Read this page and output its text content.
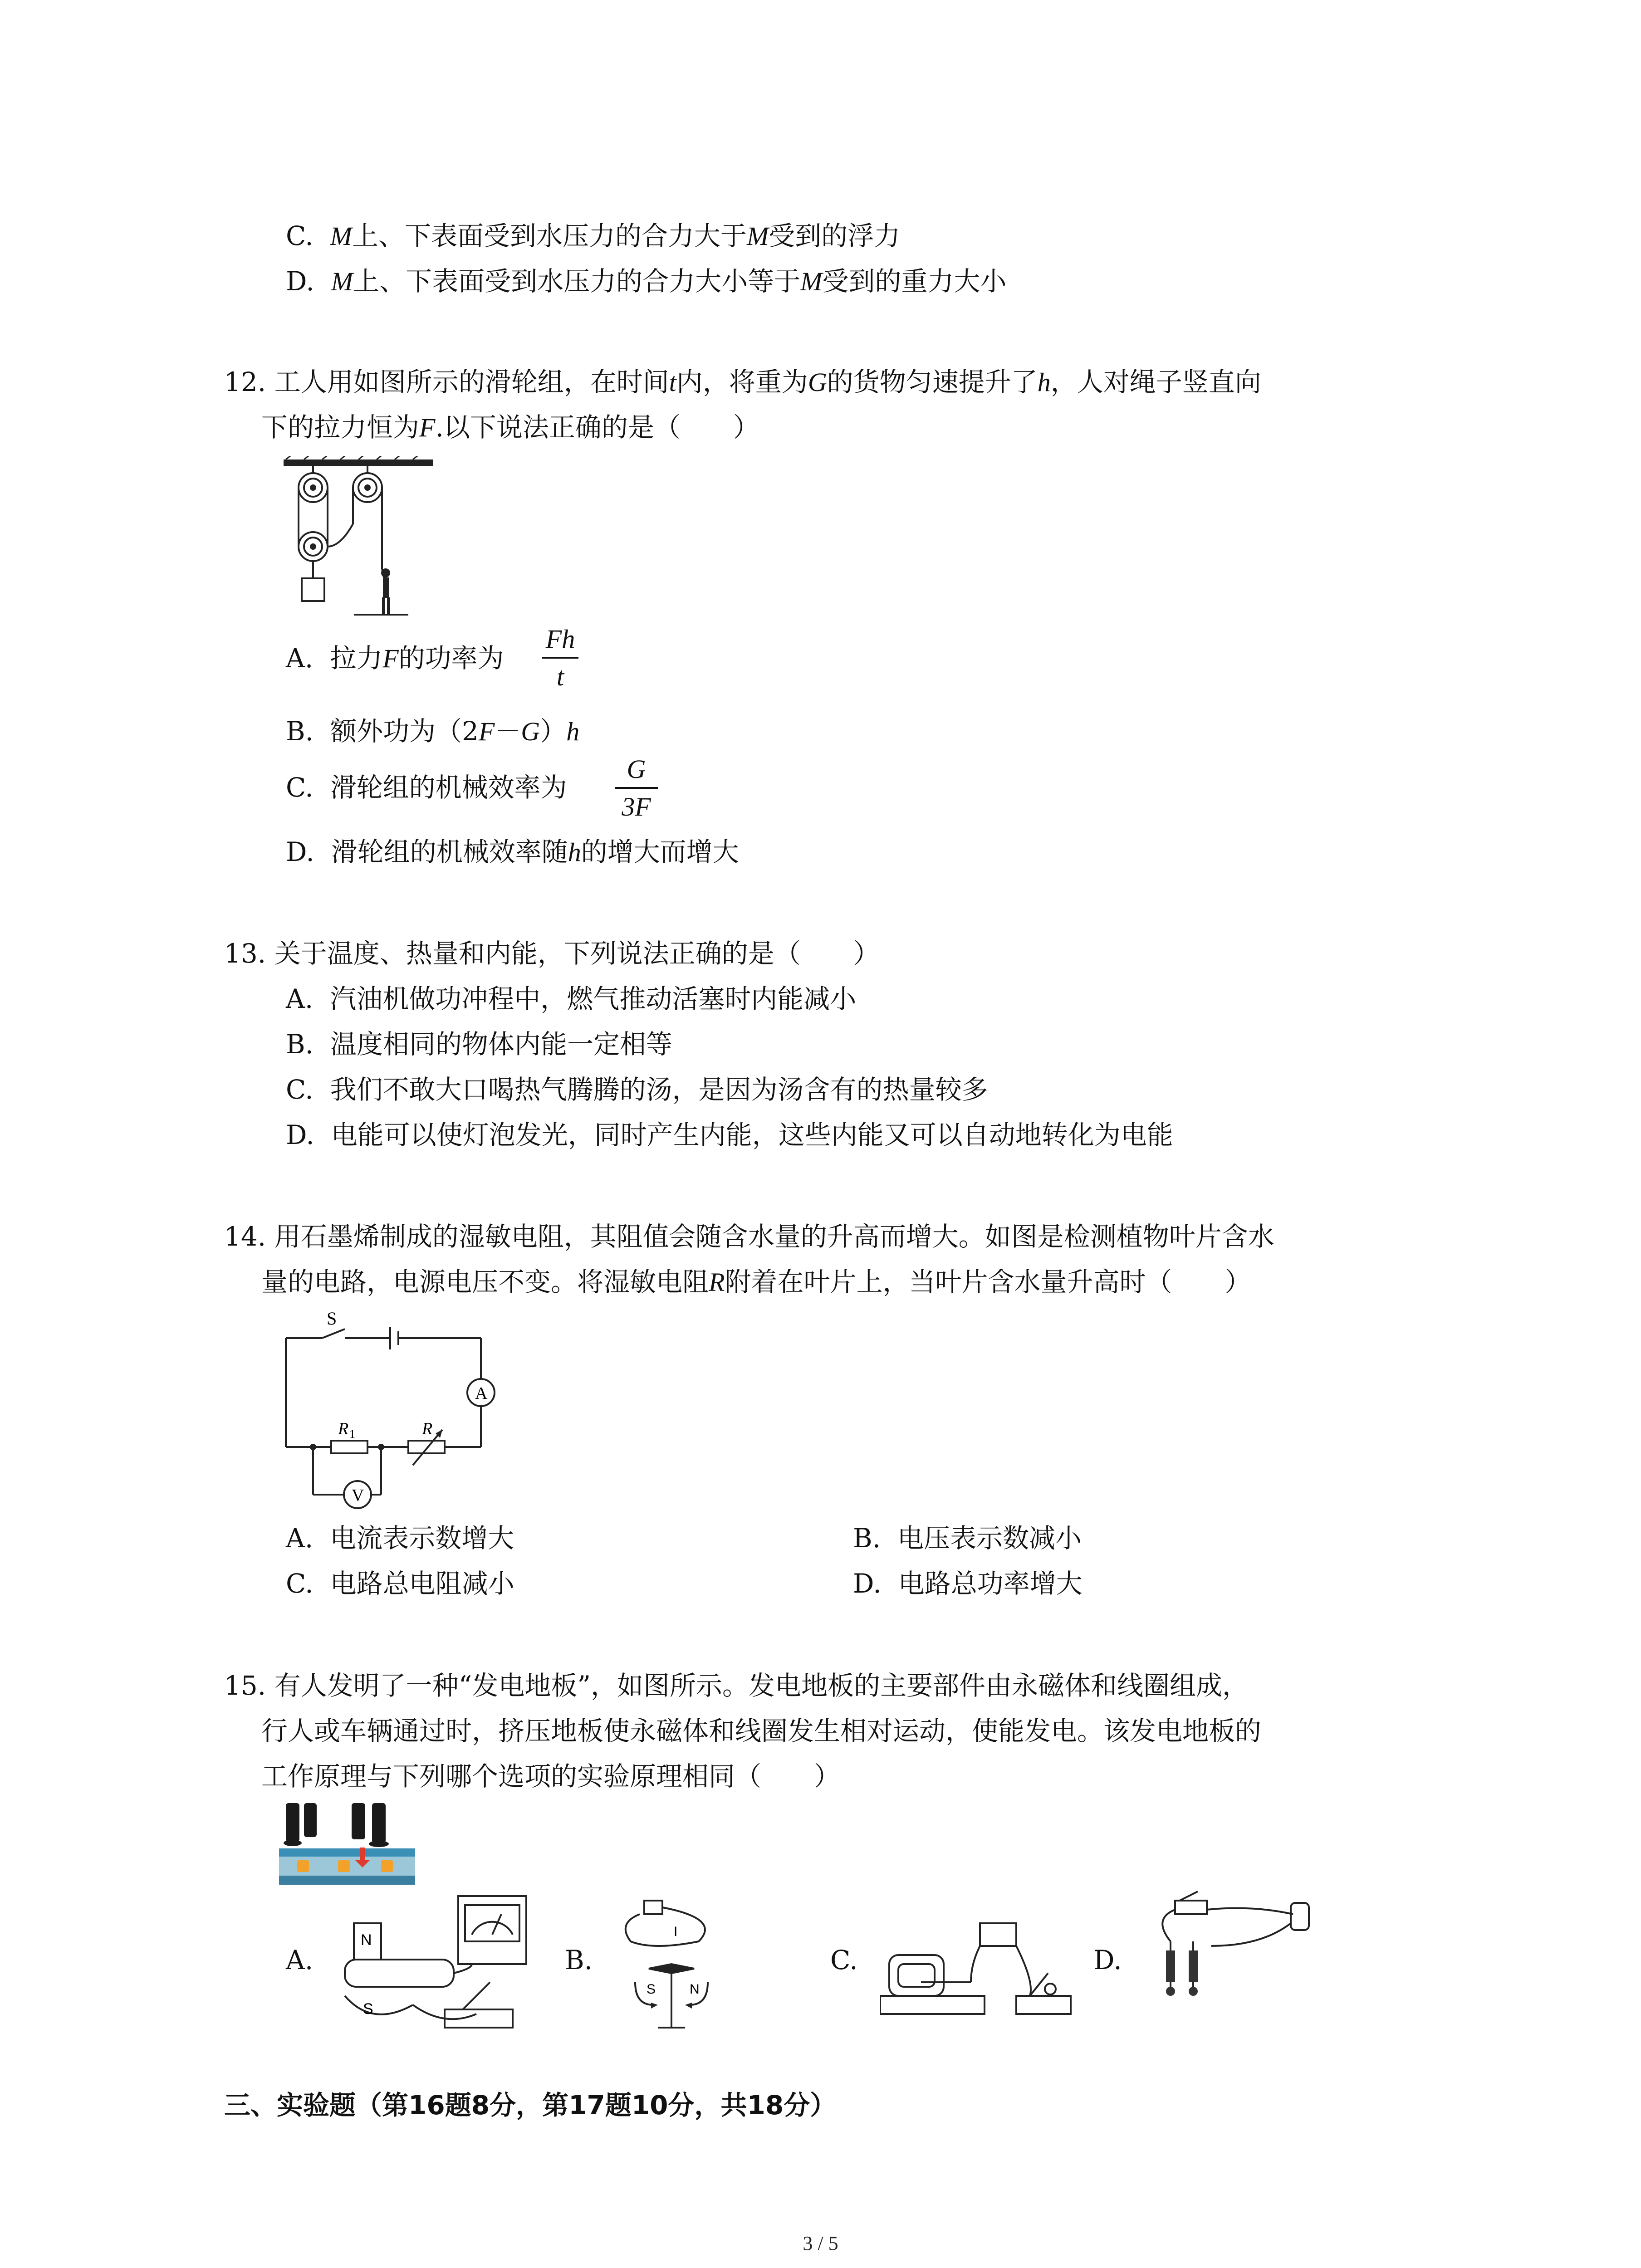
C. M上、下表面受到水压力的合力大于M受到的浮力
D. M上、下表面受到水压力的合力大小等于M受到的重力大小
12. 工人用如图所示的滑轮组，在时间t内，将重为G的货物匀速提升了h，人对绳子竖直向
下的拉力恒为F.以下说法正确的是（　　）
A. 拉力F的功率为
Fh
t
B. 额外功为（2F－G）h
C. 滑轮组的机械效率为
G
3F
D. 滑轮组的机械效率随h的增大而增大
13. 关于温度、热量和内能，下列说法正确的是（　　）
A. 汽油机做功冲程中，燃气推动活塞时内能减小
B. 温度相同的物体内能一定相等
C. 我们不敢大口喝热气腾腾的汤，是因为汤含有的热量较多
D. 电能可以使灯泡发光，同时产生内能，这些内能又可以自动地转化为电能
14. 用石墨烯制成的湿敏电阻，其阻值会随含水量的升高而增大。如图是检测植物叶片含水
量的电路，电源电压不变。将湿敏电阻R附着在叶片上，当叶片含水量升高时（　　）
S
A
V
R 1	R
A. 电流表示数增大	B. 电压表示数减小
C. 电路总电阻减小	D. 电路总功率增大
15. 有人发明了一种“发电地板”，如图所示。发电地板的主要部件由永磁体和线圈组成，
行人或车辆通过时，挤压地板使永磁体和线圈发生相对运动，使能发电。该发电地板的
工作原理与下列哪个选项的实验原理相同（　　）
A.
N
S
B.
I
S N
C.	D.
三、实验题（第16题8分，第17题10分，共18分）
3 / 5
